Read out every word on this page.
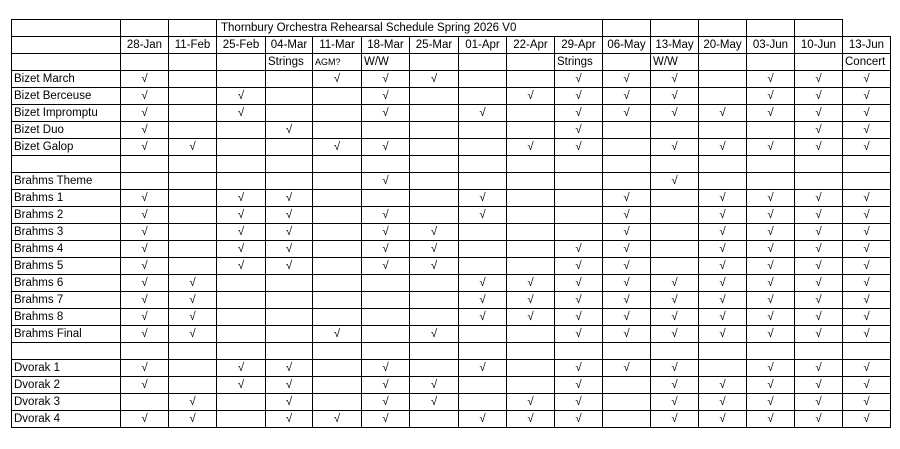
			Thornbury Orchestra Rehearsal Schedule Spring 2026 V0													
	28-Jan	11-Feb	25-Feb	04-Mar	11-Mar	18-Mar	25-Mar	01-Apr	22-Apr	29-Apr	06-May	13-May	20-May	03-Jun	10-Jun	13-Jun
				Strings	AGM?	W/W				Strings		W/W				Concert
Bizet March	√				√	√	√			√	√	√		√	√	√
Bizet Berceuse	√		√			√			√	√	√	√		√	√	√
Bizet Impromptu	√		√			√		√		√	√	√	√	√	√	√
Bizet Duo	√			√						√					√	√
Bizet Galop	√	√			√	√			√	√		√	√	√	√	√

Brahms Theme						√						√				
Brahms 1	√		√	√				√			√		√	√	√	√
Brahms 2	√		√	√		√		√			√		√	√	√	√
Brahms 3	√		√	√		√	√				√		√	√	√	√
Brahms 4	√		√	√		√	√			√	√		√	√	√	√
Brahms 5	√		√	√		√	√			√	√		√	√	√	√
Brahms 6	√	√						√	√	√	√	√	√	√	√	√
Brahms 7	√	√						√	√	√	√	√	√	√	√	√
Brahms 8	√	√						√	√	√	√	√	√	√	√	√
Brahms Final	√	√			√		√			√	√	√	√	√	√	√

Dvorak 1	√		√	√		√		√		√	√	√		√	√	√
Dvorak 2	√		√	√		√	√			√		√	√	√	√	√
Dvorak 3		√		√		√	√		√	√		√	√	√	√	√
Dvorak 4	√	√		√	√	√		√	√	√		√	√	√	√	√
